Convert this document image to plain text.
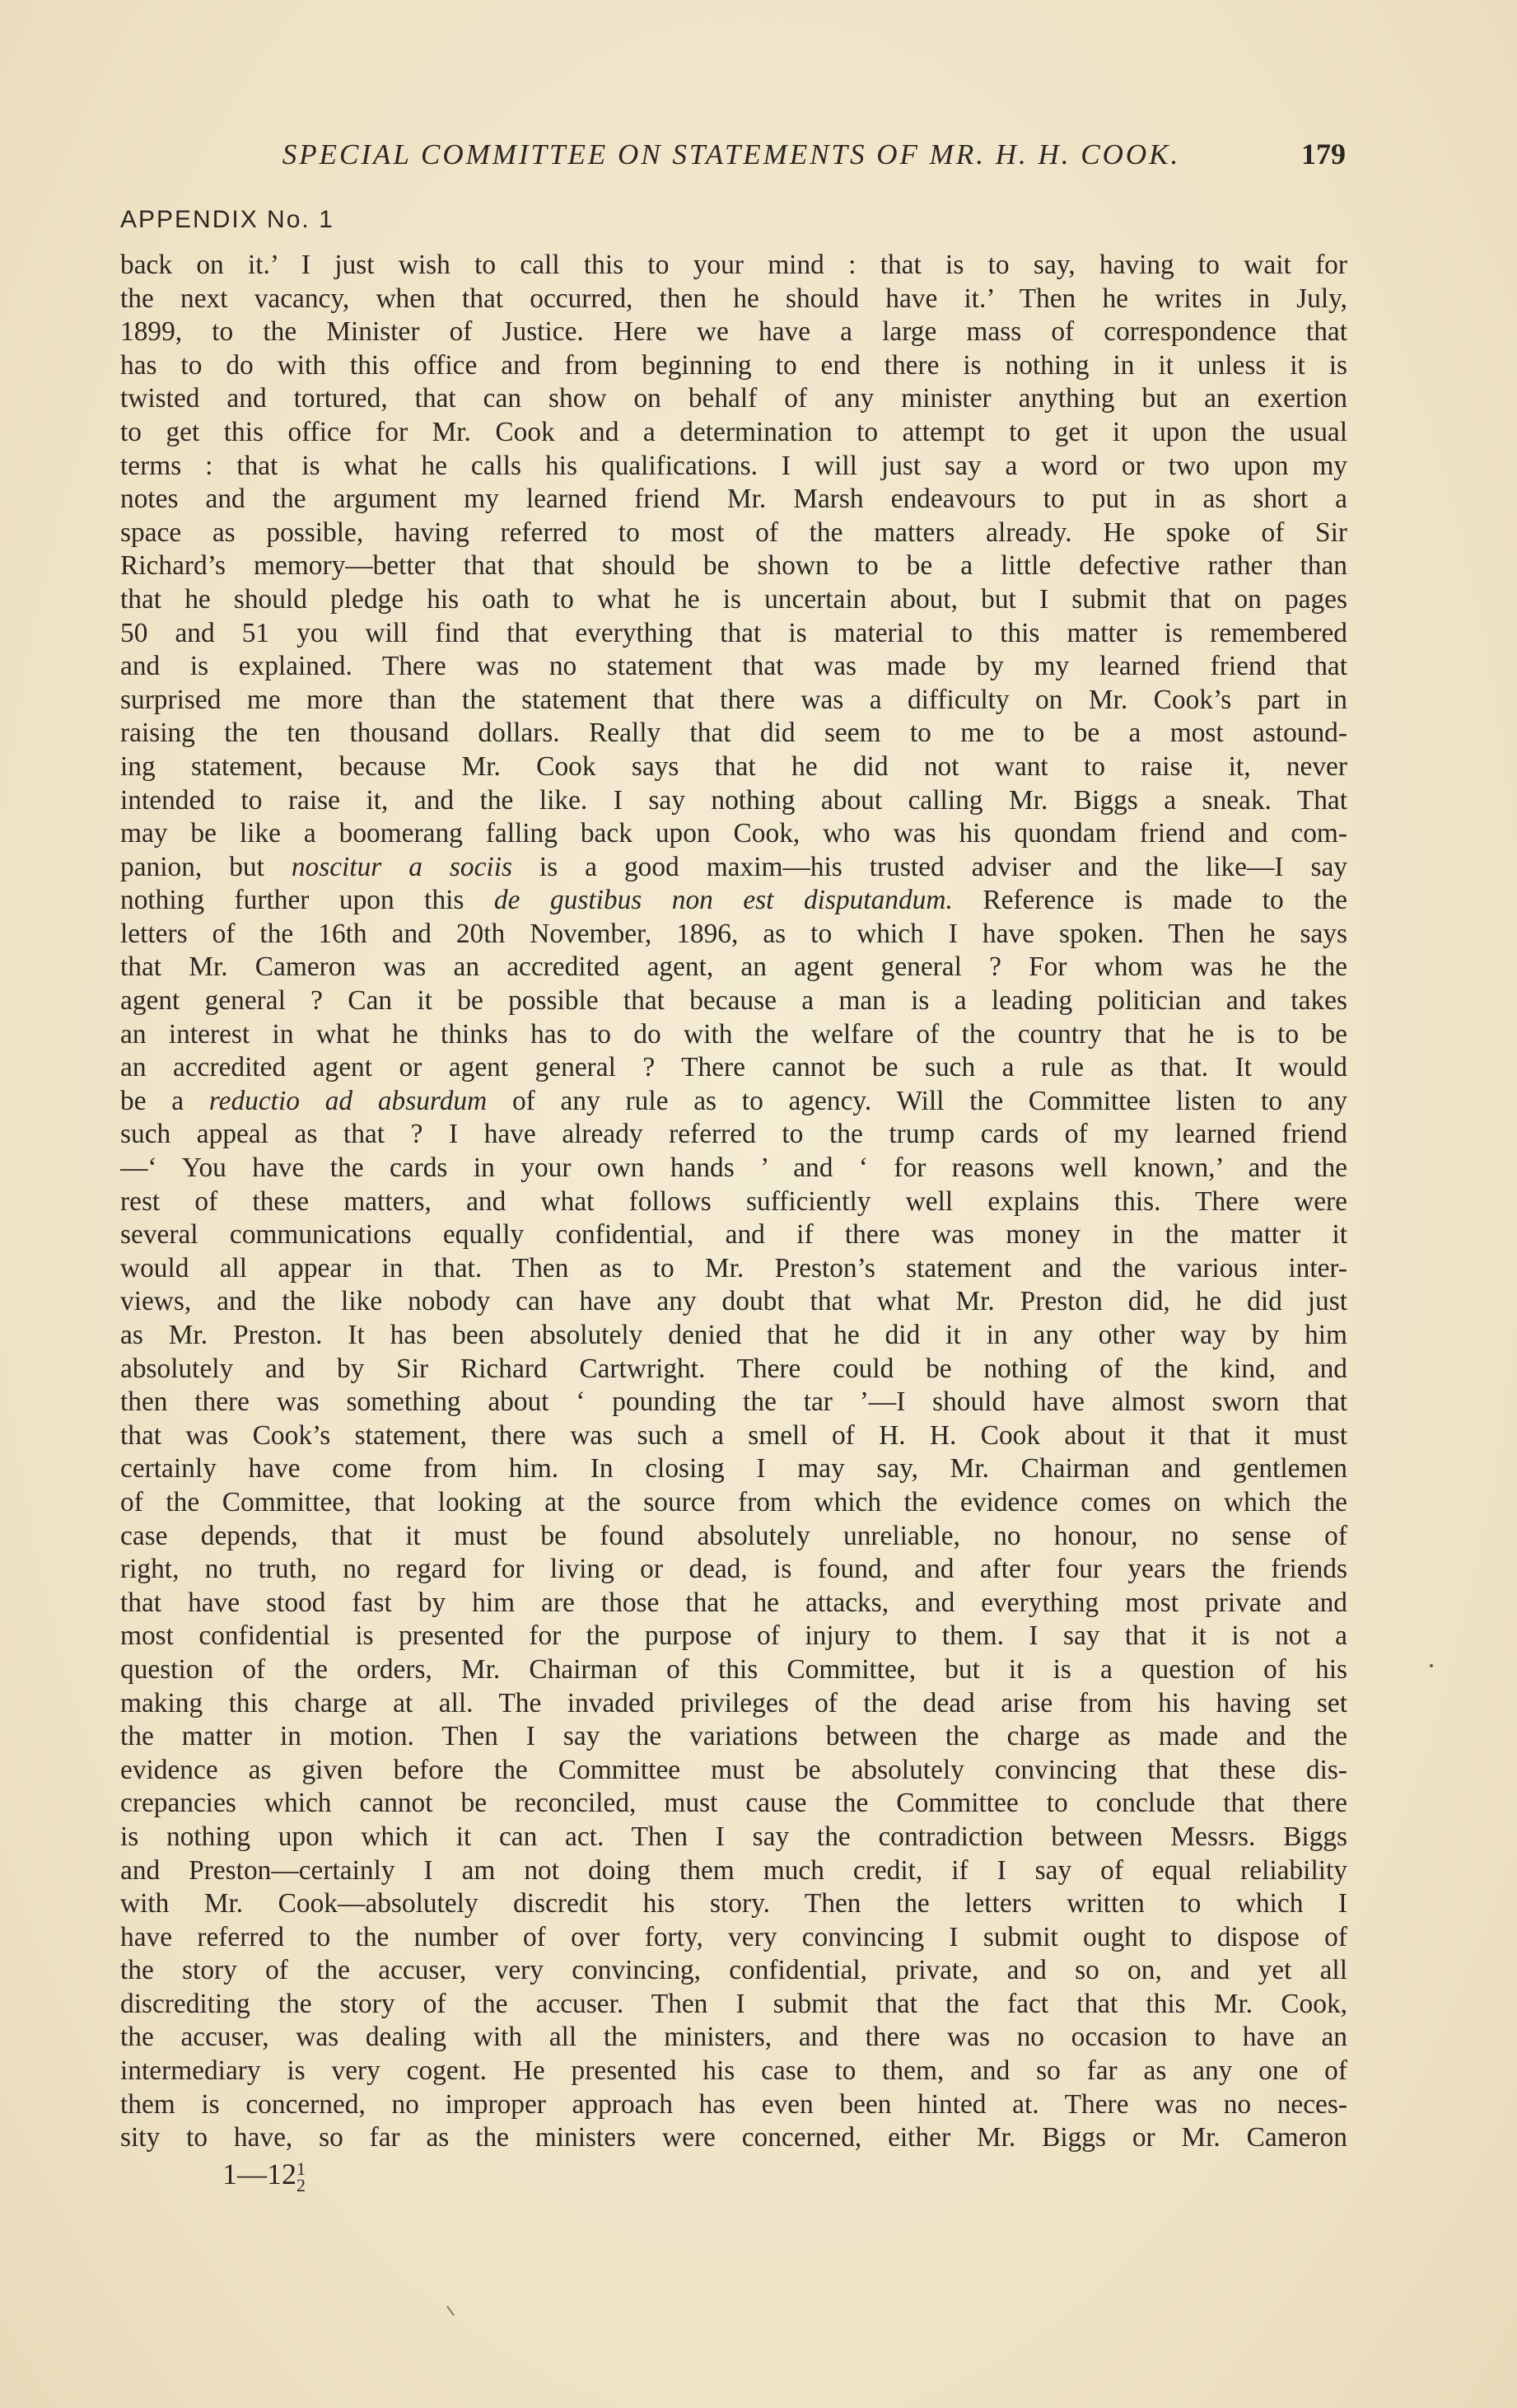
SPECIAL COMMITTEE ON STATEMENTS OF MR. H. H. COOK.	179
APPENDIX No. 1
back on it.’ I just wish to call this to your mind : that is to say, having to wait for
the next vacancy, when that occurred, then he should have it.’ Then he writes in July,
1899, to the Minister of Justice. Here we have a large mass of correspondence that
has to do with this office and from beginning to end there is nothing in it unless it is
twisted and tortured, that can show on behalf of any minister anything but an exertion
to get this office for Mr. Cook and a determination to attempt to get it upon the usual
terms : that is what he calls his qualifications. I will just say a word or two upon my
notes and the argument my learned friend Mr. Marsh endeavours to put in as short a
space as possible, having referred to most of the matters already. He spoke of Sir
Richard’s memory—better that that should be shown to be a little defective rather than
that he should pledge his oath to what he is uncertain about, but I submit that on pages
50 and 51 you will find that everything that is material to this matter is remembered
and is explained. There was no statement that was made by my learned friend that
surprised me more than the statement that there was a difficulty on Mr. Cook’s part in
raising the ten thousand dollars. Really that did seem to me to be a most astound-
ing statement, because Mr. Cook says that he did not want to raise it, never
intended to raise it, and the like. I say nothing about calling Mr. Biggs a sneak. That
may be like a boomerang falling back upon Cook, who was his quondam friend and com-
panion, but noscitur a sociis is a good maxim—his trusted adviser and the like—I say
nothing further upon this de gustibus non est disputandum. Reference is made to the
letters of the 16th and 20th November, 1896, as to which I have spoken. Then he says
that Mr. Cameron was an accredited agent, an agent general ? For whom was he the
agent general ? Can it be possible that because a man is a leading politician and takes
an interest in what he thinks has to do with the welfare of the country that he is to be
an accredited agent or agent general ? There cannot be such a rule as that. It would
be a reductio ad absurdum of any rule as to agency. Will the Committee listen to any
such appeal as that ? I have already referred to the trump cards of my learned friend
—‘ You have the cards in your own hands ’ and ‘ for reasons well known,’ and the
rest of these matters, and what follows sufficiently well explains this. There were
several communications equally confidential, and if there was money in the matter it
would all appear in that. Then as to Mr. Preston’s statement and the various inter-
views, and the like nobody can have any doubt that what Mr. Preston did, he did just
as Mr. Preston. It has been absolutely denied that he did it in any other way by him
absolutely and by Sir Richard Cartwright. There could be nothing of the kind, and
then there was something about ‘ pounding the tar ’—I should have almost sworn that
that was Cook’s statement, there was such a smell of H. H. Cook about it that it must
certainly have come from him. In closing I may say, Mr. Chairman and gentlemen
of the Committee, that looking at the source from which the evidence comes on which the
case depends, that it must be found absolutely unreliable, no honour, no sense of
right, no truth, no regard for living or dead, is found, and after four years the friends
that have stood fast by him are those that he attacks, and everything most private and
most confidential is presented for the purpose of injury to them. I say that it is not a
question of the orders, Mr. Chairman of this Committee, but it is a question of his
making this charge at all. The invaded privileges of the dead arise from his having set
the matter in motion. Then I say the variations between the charge as made and the
evidence as given before the Committee must be absolutely convincing that these dis-
crepancies which cannot be reconciled, must cause the Committee to conclude that there
is nothing upon which it can act. Then I say the contradiction between Messrs. Biggs
and Preston—certainly I am not doing them much credit, if I say of equal reliability
with Mr. Cook—absolutely discredit his story. Then the letters written to which I
have referred to the number of over forty, very convincing I submit ought to dispose of
the story of the accuser, very convincing, confidential, private, and so on, and yet all
discrediting the story of the accuser. Then I submit that the fact that this Mr. Cook,
the accuser, was dealing with all the ministers, and there was no occasion to have an
intermediary is very cogent. He presented his case to them, and so far as any one of
them is concerned, no improper approach has even been hinted at. There was no neces-
sity to have, so far as the ministers were concerned, either Mr. Biggs or Mr. Cameron
1—121
2
